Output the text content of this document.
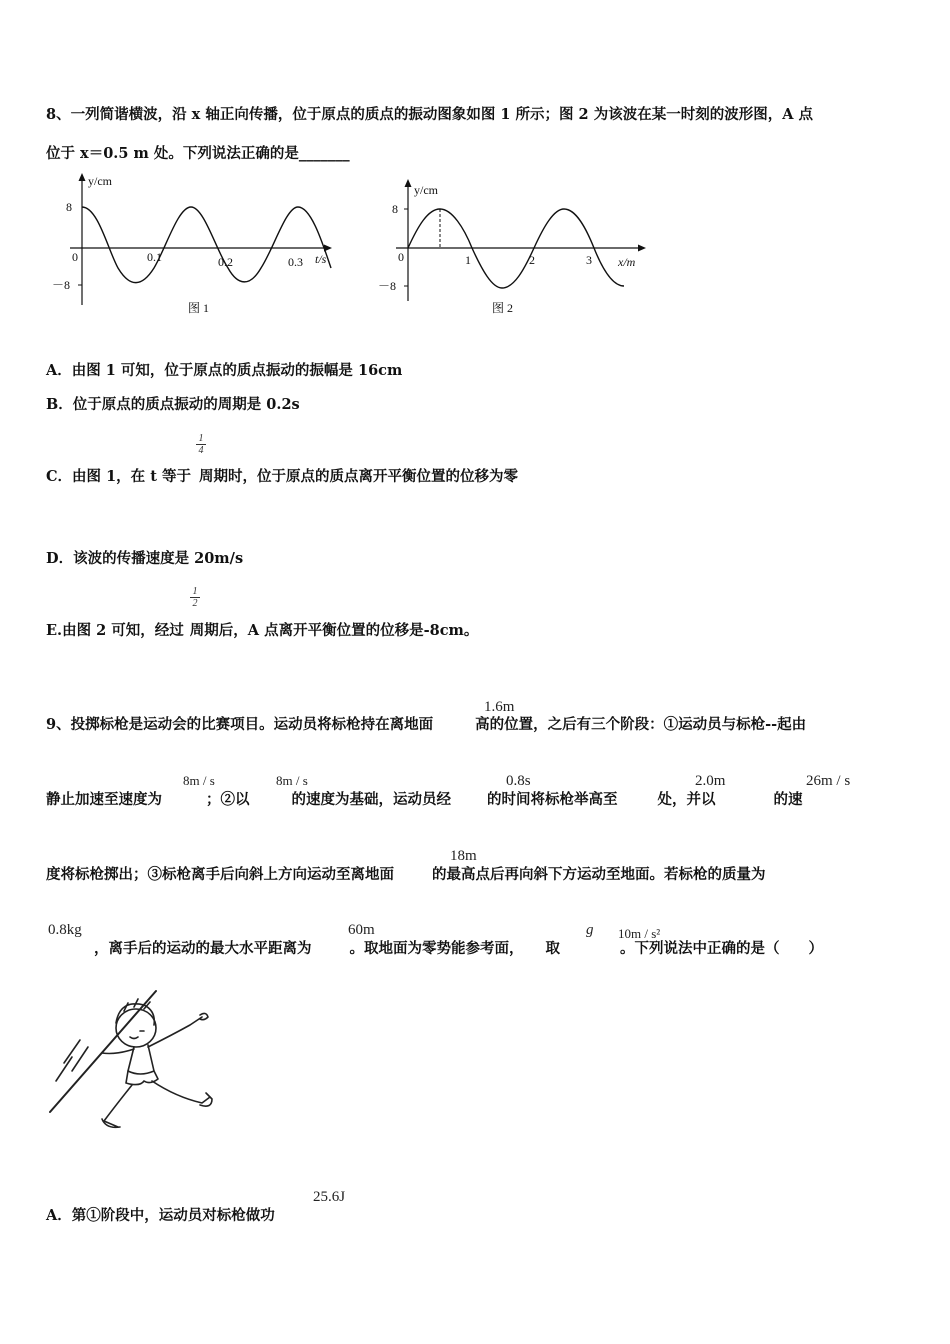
8、一列简谐横波，沿 x 轴正向传播，位于原点的质点的振动图象如图 1 所示；图 2 为该波在某一时刻的波形图，A 点
位于 x＝0.5 m 处。下列说法正确的是_______
y/cm
8
－8
0	0.1	0.2	0.3 t/s
图 1
y/cm
8
－8
0	1	2	3 x/m
图 2
A．由图 1 可知，位于原点的质点振动的振幅是 16cm
B．位于原点的质点振动的周期是 0.2s
$\frac{1}{4}$
C．由图 1，在 t 等于 周期时，位于原点的质点离开平衡位置的位移为零
D．该波的传播速度是 20m/s
$\frac{1}{2}$
E.由图 2 可知，经过 周期后，A 点离开平衡位置的位移是-8cm。
9、投掷标枪是运动会的比赛项目。运动员将标枪持在离地面	高的位置，之后有三个阶段：①运动员与标枪--起由
1.6m
静止加速至速度为	；②以	的速度为基础，运动员经 的时间将标枪举高至	处，并以	的速
8m / s	8m / s	0.8s	2.0m	26m / s
度将标枪掷出；③标枪离手后向斜上方向运动至离地面	的最高点后再向斜下方运动至地面。若标枪的质量为
18m
，离手后的运动的最大水平距离为	。取地面为零势能参考面， 取	。下列说法中正确的是（　　）
0.8kg	60m	g 10m / s²
A．第①阶段中，运动员对标枪做功
25.6J
